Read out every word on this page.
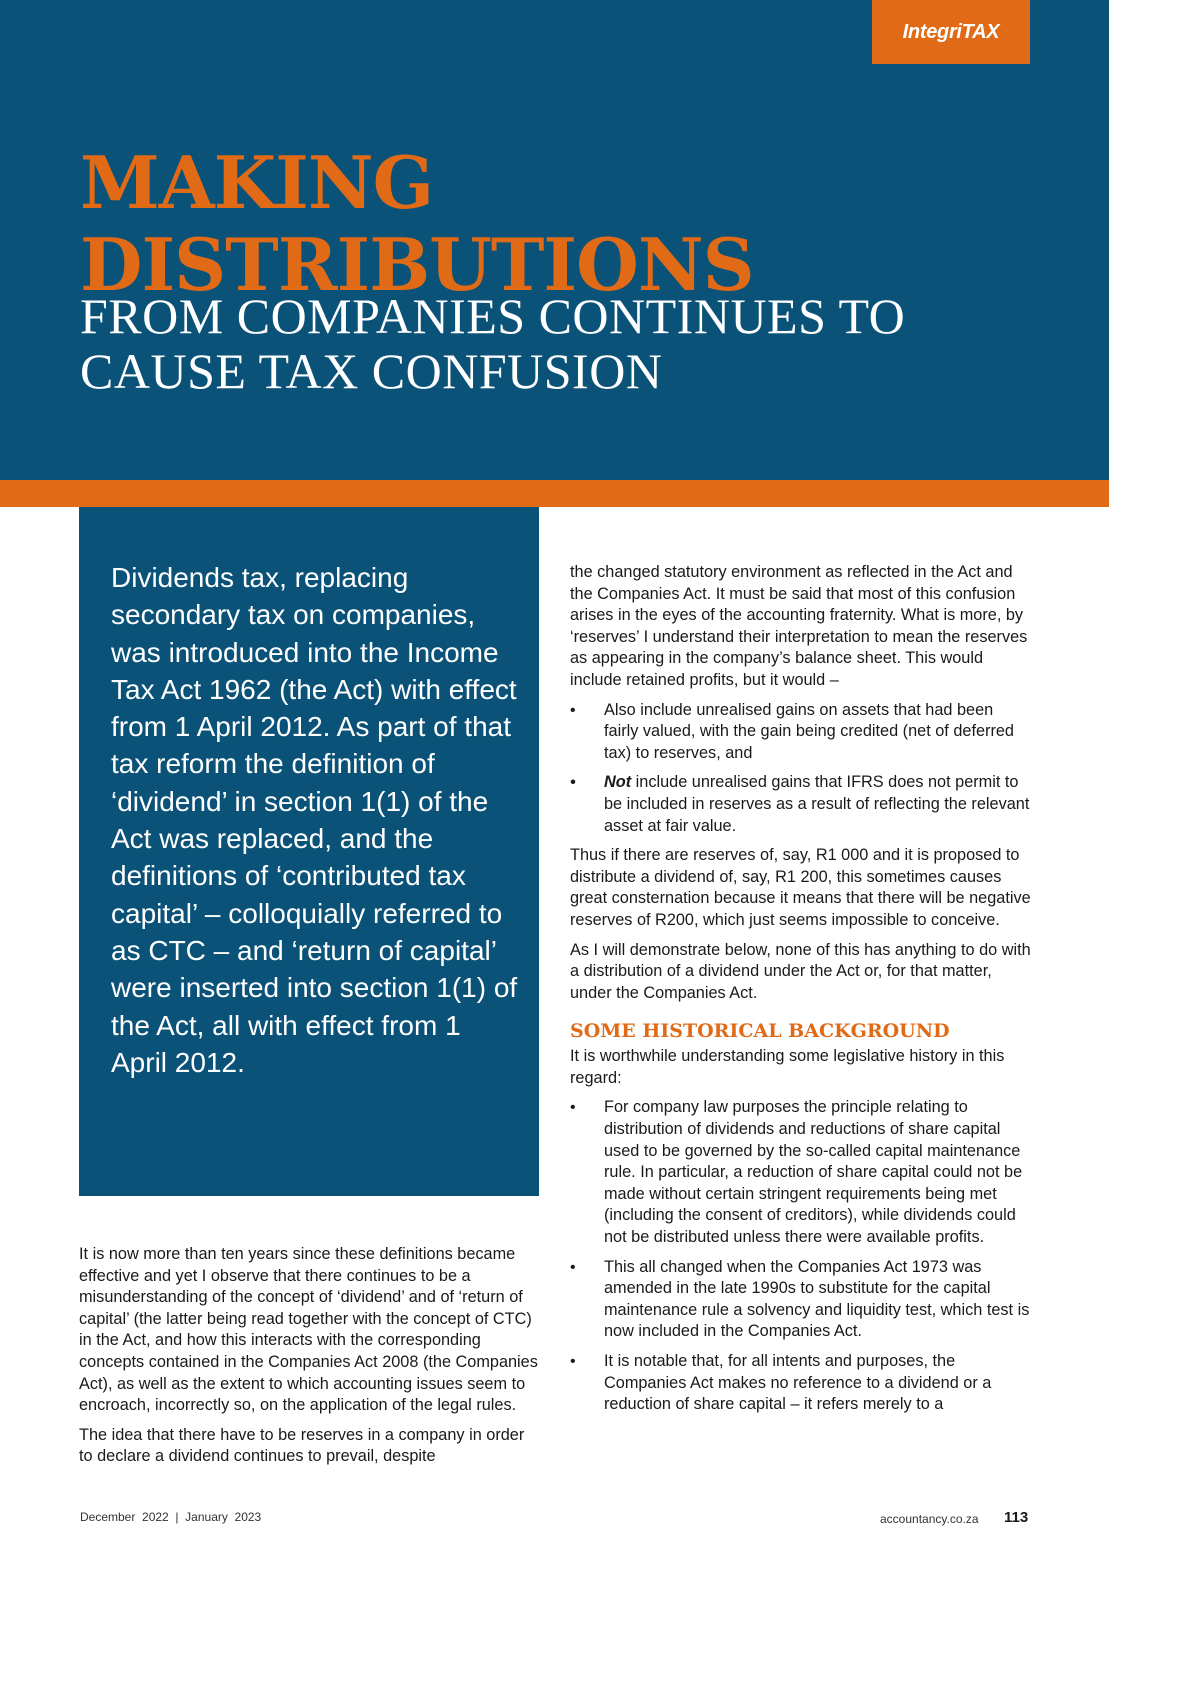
IntegriTAX
MAKING
DISTRIBUTIONS
FROM COMPANIES CONTINUES TO
CAUSE TAX CONFUSION

Dividends tax, replacing secondary tax on companies, was introduced into the Income Tax Act 1962 (the Act) with effect from 1 April 2012. As part of that tax reform the definition of ‘dividend’ in section 1(1) of the Act was replaced, and the definitions of ‘contributed tax capital’ – colloquially referred to as CTC – and ‘return of capital’ were inserted into section 1(1) of the Act, all with effect from 1 April 2012.

It is now more than ten years since these definitions became effective and yet I observe that there continues to be a misunderstanding of the concept of ‘dividend’ and of ‘return of capital’ (the latter being read together with the concept of CTC) in the Act, and how this interacts with the corresponding concepts contained in the Companies Act 2008 (the Companies Act), as well as the extent to which accounting issues seem to encroach, incorrectly so, on the application of the legal rules.

The idea that there have to be reserves in a company in order to declare a dividend continues to prevail, despite

the changed statutory environment as reflected in the Act and the Companies Act. It must be said that most of this confusion arises in the eyes of the accounting fraternity. What is more, by ‘reserves’ I understand their interpretation to mean the reserves as appearing in the company’s balance sheet. This would include retained profits, but it would –

• Also include unrealised gains on assets that had been fairly valued, with the gain being credited (net of deferred tax) to reserves, and
• Not include unrealised gains that IFRS does not permit to be included in reserves as a result of reflecting the relevant asset at fair value.

Thus if there are reserves of, say, R1 000 and it is proposed to distribute a dividend of, say, R1 200, this sometimes causes great consternation because it means that there will be negative reserves of R200, which just seems impossible to conceive.

As I will demonstrate below, none of this has anything to do with a distribution of a dividend under the Act or, for that matter, under the Companies Act.

SOME HISTORICAL BACKGROUND

It is worthwhile understanding some legislative history in this regard:

• For company law purposes the principle relating to distribution of dividends and reductions of share capital used to be governed by the so-called capital maintenance rule. In particular, a reduction of share capital could not be made without certain stringent requirements being met (including the consent of creditors), while dividends could not be distributed unless there were available profits.
• This all changed when the Companies Act 1973 was amended in the late 1990s to substitute for the capital maintenance rule a solvency and liquidity test, which test is now included in the Companies Act.
• It is notable that, for all intents and purposes, the Companies Act makes no reference to a dividend or a reduction of share capital – it refers merely to a
December  2022  |  January  2023	accountancy.co.za 113
